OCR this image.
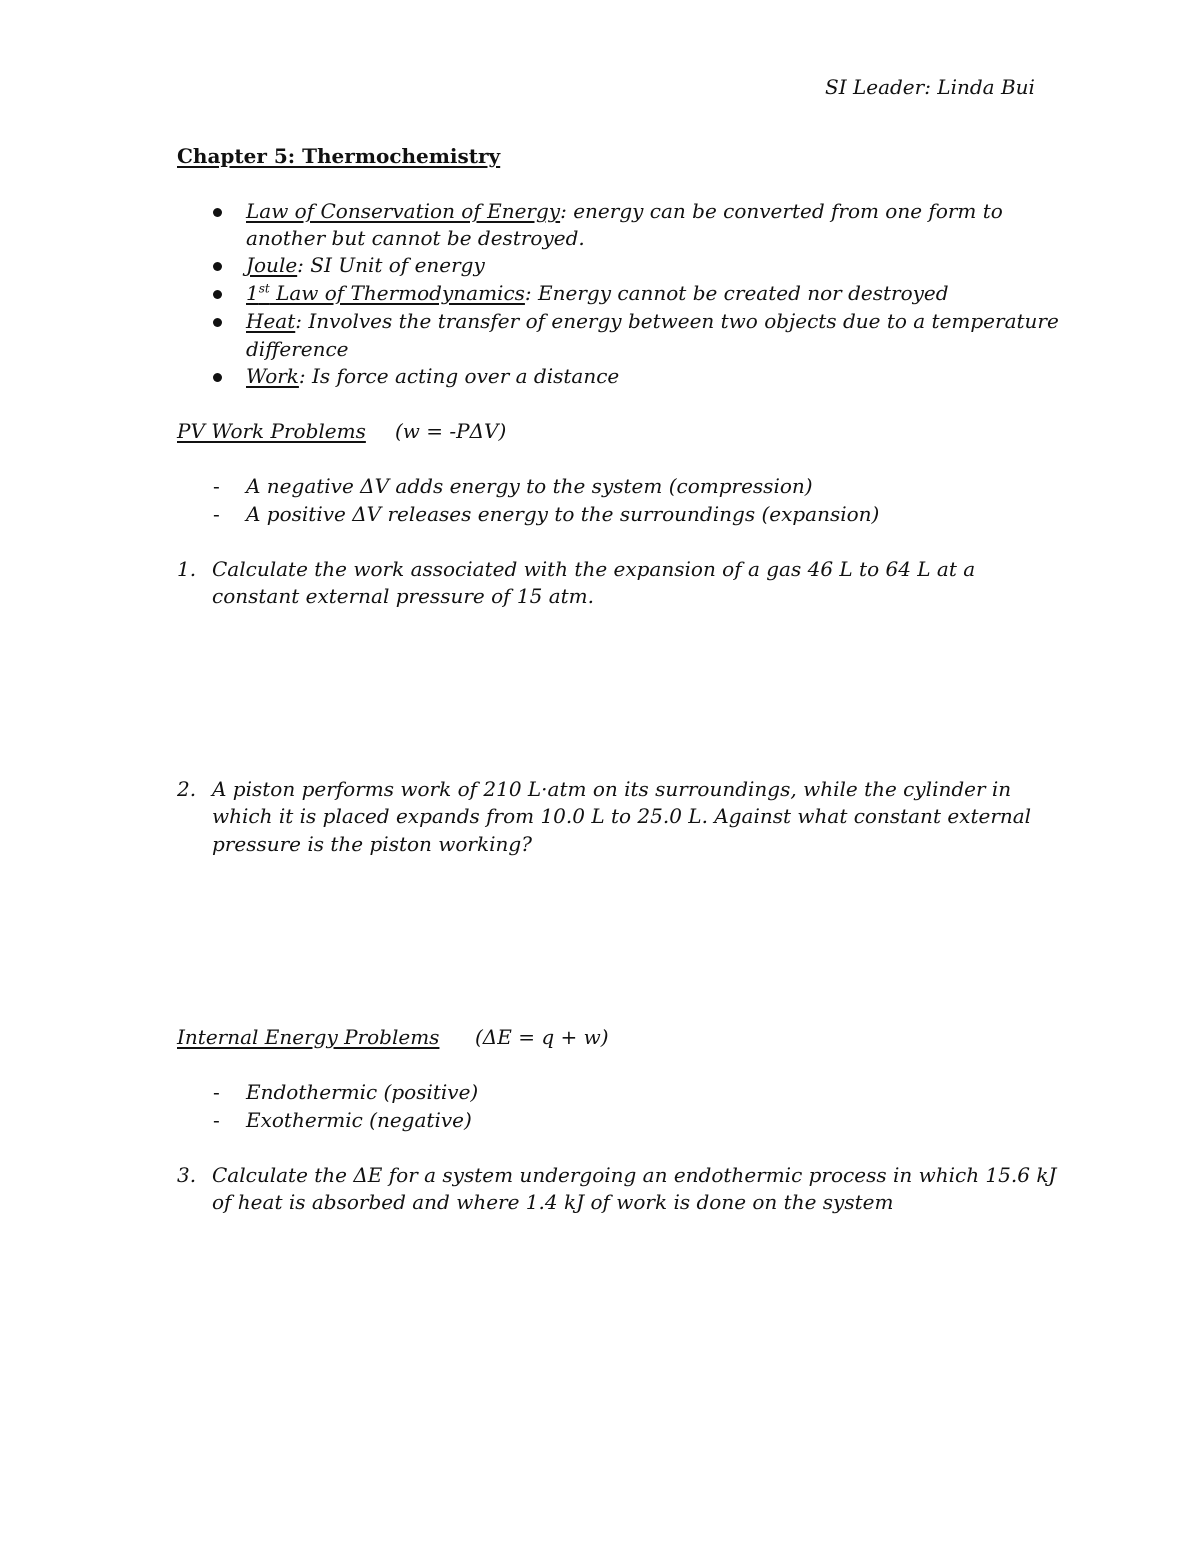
SI Leader: Linda Bui
Chapter 5: Thermochemistry
Law of Conservation of Energy: energy can be converted from one form to
another but cannot be destroyed.
Joule: SI Unit of energy
1st Law of Thermodynamics: Energy cannot be created nor destroyed
Heat: Involves the transfer of energy between two objects due to a temperature
difference
Work: Is force acting over a distance
PV Work Problems (w = -PΔV)
- A negative ΔV adds energy to the system (compression)
- A positive ΔV releases energy to the surroundings (expansion)
1. Calculate the work associated with the expansion of a gas 46 L to 64 L at a
constant external pressure of 15 atm.
2. A piston performs work of 210 L·atm on its surroundings, while the cylinder in
which it is placed expands from 10.0 L to 25.0 L. Against what constant external
pressure is the piston working?
Internal Energy Problems (ΔE = q + w)
- Endothermic (positive)
- Exothermic (negative)
3. Calculate the ΔE for a system undergoing an endothermic process in which 15.6 kJ
of heat is absorbed and where 1.4 kJ of work is done on the system
